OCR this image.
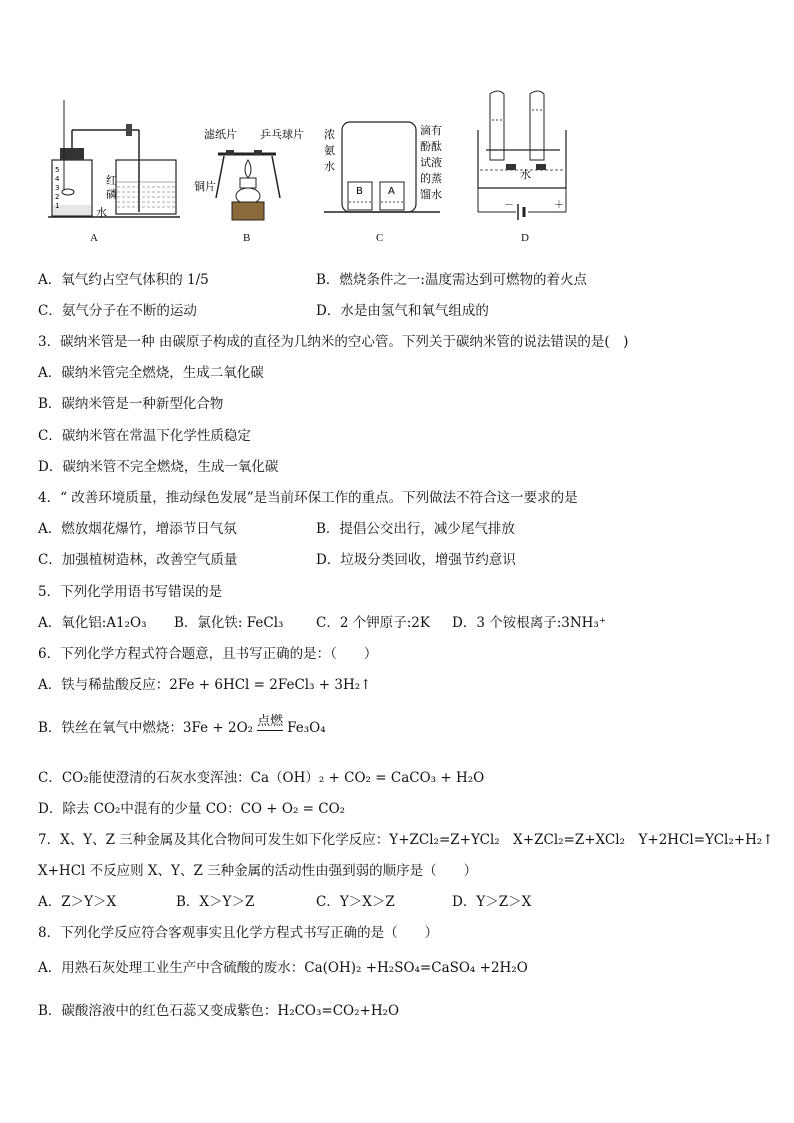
5
4
3
2
1
红
磷
水
A
滤纸片 乒乓球片
铜片
B
B	A
浓
氨
水
滴有
酚酞
试液
的蒸
馏水
C
水
－	＋
D
A．氧气约占空气体积的 1/5	B．燃烧条件之一:温度需达到可燃物的着火点
C．氨气分子在不断的运动	D．水是由氢气和氧气组成的
3．碳纳米管是一种 由碳原子构成的直径为几纳米的空心管。下列关于碳纳米管的说法错误的是(　)
A．碳纳米管完全燃烧，生成二氧化碳
B．碳纳米管是一种新型化合物
C．碳纳米管在常温下化学性质稳定
D．碳纳米管不完全燃烧，生成一氧化碳
4．“ 改善环境质量，推动绿色发展”是当前环保工作的重点。下列做法不符合这一要求的是
A．燃放烟花爆竹，增添节日气氛	B．提倡公交出行，减少尾气排放
C．加强植树造林，改善空气质量	D．垃圾分类回收，增强节约意识
5．下列化学用语书写错误的是
A．氧化铝:A1₂O₃ B．氯化铁: FeCl₃ C．2 个钾原子:2K D．3 个铵根离子:3NH₃⁺
6．下列化学方程式符合题意，且书写正确的是：（　　）
A．铁与稀盐酸反应：2Fe + 6HCl = 2FeCl₃ + 3H₂↑
B．铁丝在氧气中燃烧：3Fe + 2O₂ 点燃 Fe₃O₄
C．CO₂能使澄清的石灰水变浑浊：Ca（OH）₂ + CO₂ = CaCO₃ + H₂O
D．除去 CO₂中混有的少量 CO：CO + O₂ = CO₂
7．X、Y、Z 三种金属及其化合物间可发生如下化学反应：Y+ZCl₂=Z+YCl₂　X+ZCl₂=Z+XCl₂　Y+2HCl=YCl₂+H₂↑
X+HCl 不反应则 X、Y、Z 三种金属的活动性由强到弱的顺序是（　　）
A．Z＞Y＞X	B．X＞Y＞Z	C．Y＞X＞Z	D．Y＞Z＞X
8．下列化学反应符合客观事实且化学方程式书写正确的是（　　）
A．用熟石灰处理工业生产中含硫酸的废水：Ca(OH)₂ +H₂SO₄=CaSO₄ +2H₂O
B．碳酸溶液中的红色石蕊又变成紫色：H₂CO₃=CO₂+H₂O
